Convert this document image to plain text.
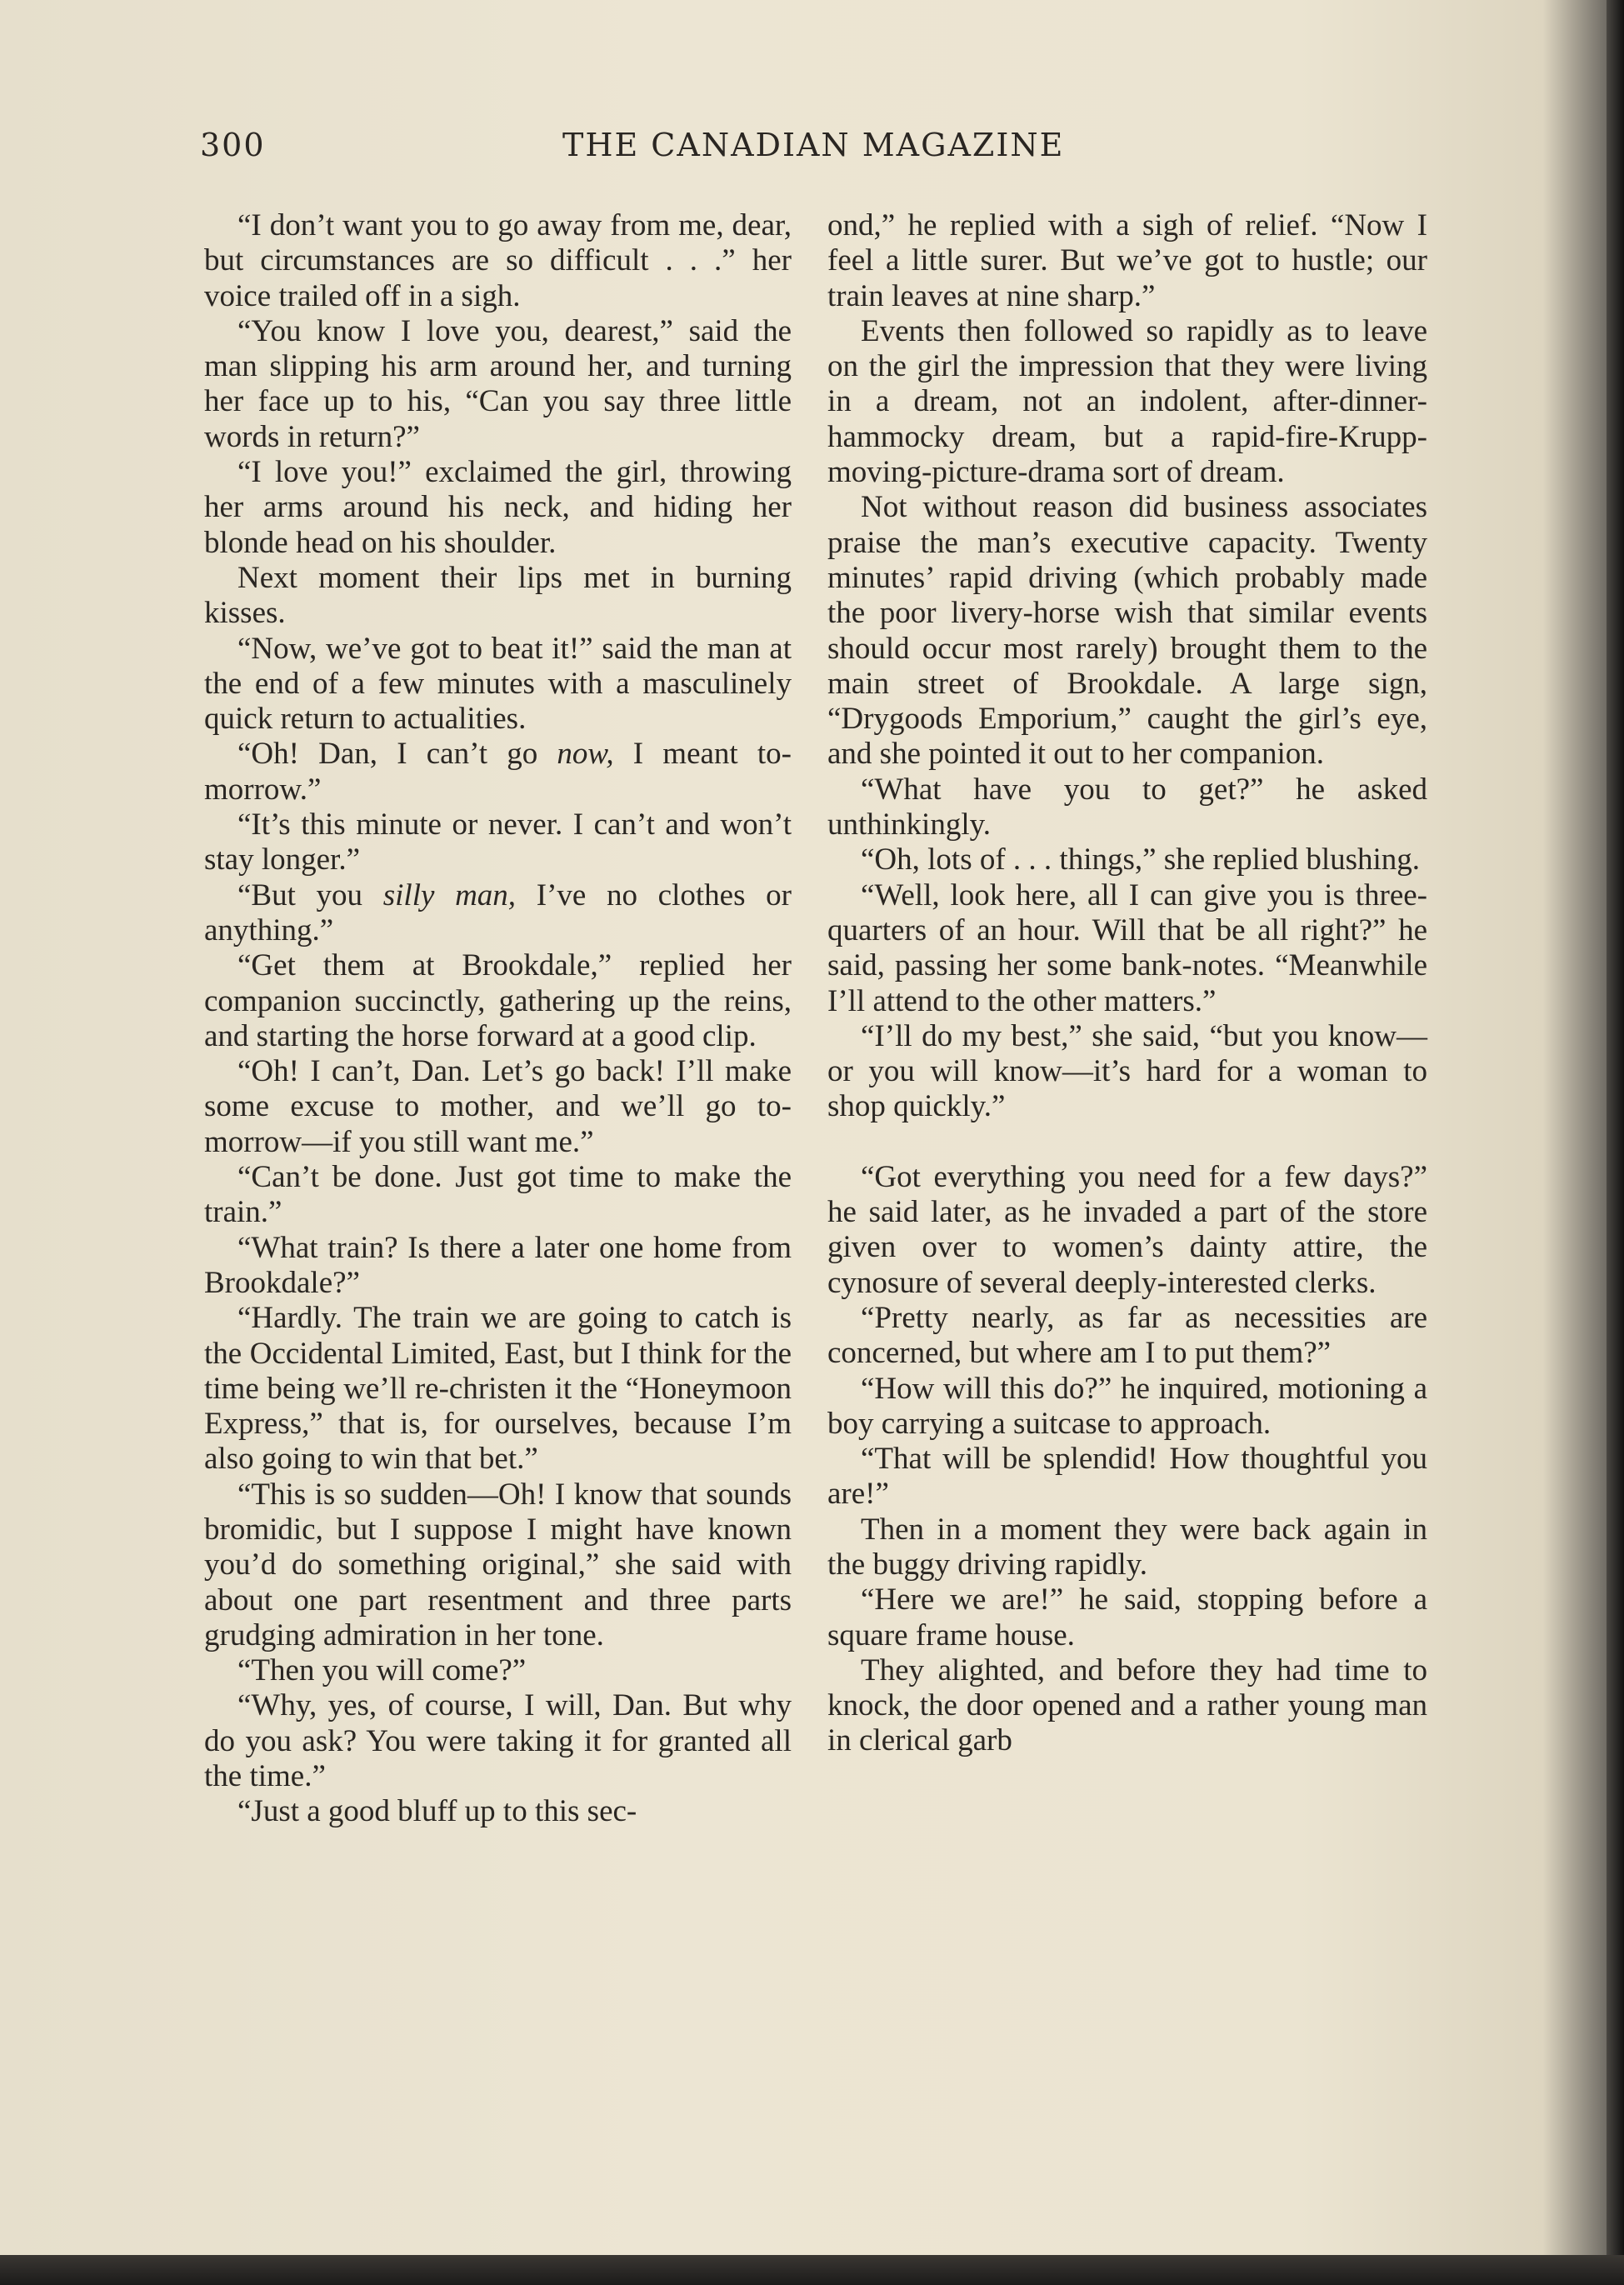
300	THE CANADIAN MAGAZINE

“I don’t want you to go away from me, dear, but circumstances are so difficult . . .” her voice trailed off in a sigh.

“You know I love you, dearest,” said the man slipping his arm around her, and turning her face up to his, “Can you say three little words in return?”

“I love you!” exclaimed the girl, throwing her arms around his neck, and hiding her blonde head on his shoulder.

Next moment their lips met in burning kisses.

“Now, we’ve got to beat it!” said the man at the end of a few minutes with a masculinely quick return to actualities.

“Oh! Dan, I can’t go now, I meant to-morrow.”

“It’s this minute or never. I can’t and won’t stay longer.”

“But you silly man, I’ve no clothes or anything.”

“Get them at Brookdale,” replied her companion succinctly, gathering up the reins, and starting the horse forward at a good clip.

“Oh! I can’t, Dan. Let’s go back! I’ll make some excuse to mother, and we’ll go to-morrow—if you still want me.”

“Can’t be done. Just got time to make the train.”

“What train? Is there a later one home from Brookdale?”

“Hardly. The train we are going to catch is the Occidental Limited, East, but I think for the time being we’ll re-christen it the “Honeymoon Express,” that is, for ourselves, because I’m also going to win that bet.”

“This is so sudden—Oh! I know that sounds bromidic, but I suppose I might have known you’d do something original,” she said with about one part resentment and three parts grudging admiration in her tone.

“Then you will come?”

“Why, yes, of course, I will, Dan. But why do you ask? You were taking it for granted all the time.”

“Just a good bluff up to this sec-

ond,” he replied with a sigh of relief. “Now I feel a little surer. But we’ve got to hustle; our train leaves at nine sharp.”

Events then followed so rapidly as to leave on the girl the impression that they were living in a dream, not an indolent, after-dinner-hammocky dream, but a rapid-fire-Krupp-moving-picture-drama sort of dream.

Not without reason did business associates praise the man’s executive capacity. Twenty minutes’ rapid driving (which probably made the poor livery-horse wish that similar events should occur most rarely) brought them to the main street of Brookdale. A large sign, “Drygoods Emporium,” caught the girl’s eye, and she pointed it out to her companion.

“What have you to get?” he asked unthinkingly.

“Oh, lots of . . . things,” she replied blushing.

“Well, look here, all I can give you is three-quarters of an hour. Will that be all right?” he said, passing her some bank-notes. “Meanwhile I’ll attend to the other matters.”

“I’ll do my best,” she said, “but you know—or you will know—it’s hard for a woman to shop quickly.”

“Got everything you need for a few days?” he said later, as he invaded a part of the store given over to women’s dainty attire, the cynosure of several deeply-interested clerks.

“Pretty nearly, as far as necessities are concerned, but where am I to put them?”

“How will this do?” he inquired, motioning a boy carrying a suitcase to approach.

“That will be splendid! How thoughtful you are!”

Then in a moment they were back again in the buggy driving rapidly.

“Here we are!” he said, stopping before a square frame house.

They alighted, and before they had time to knock, the door opened and a rather young man in clerical garb
